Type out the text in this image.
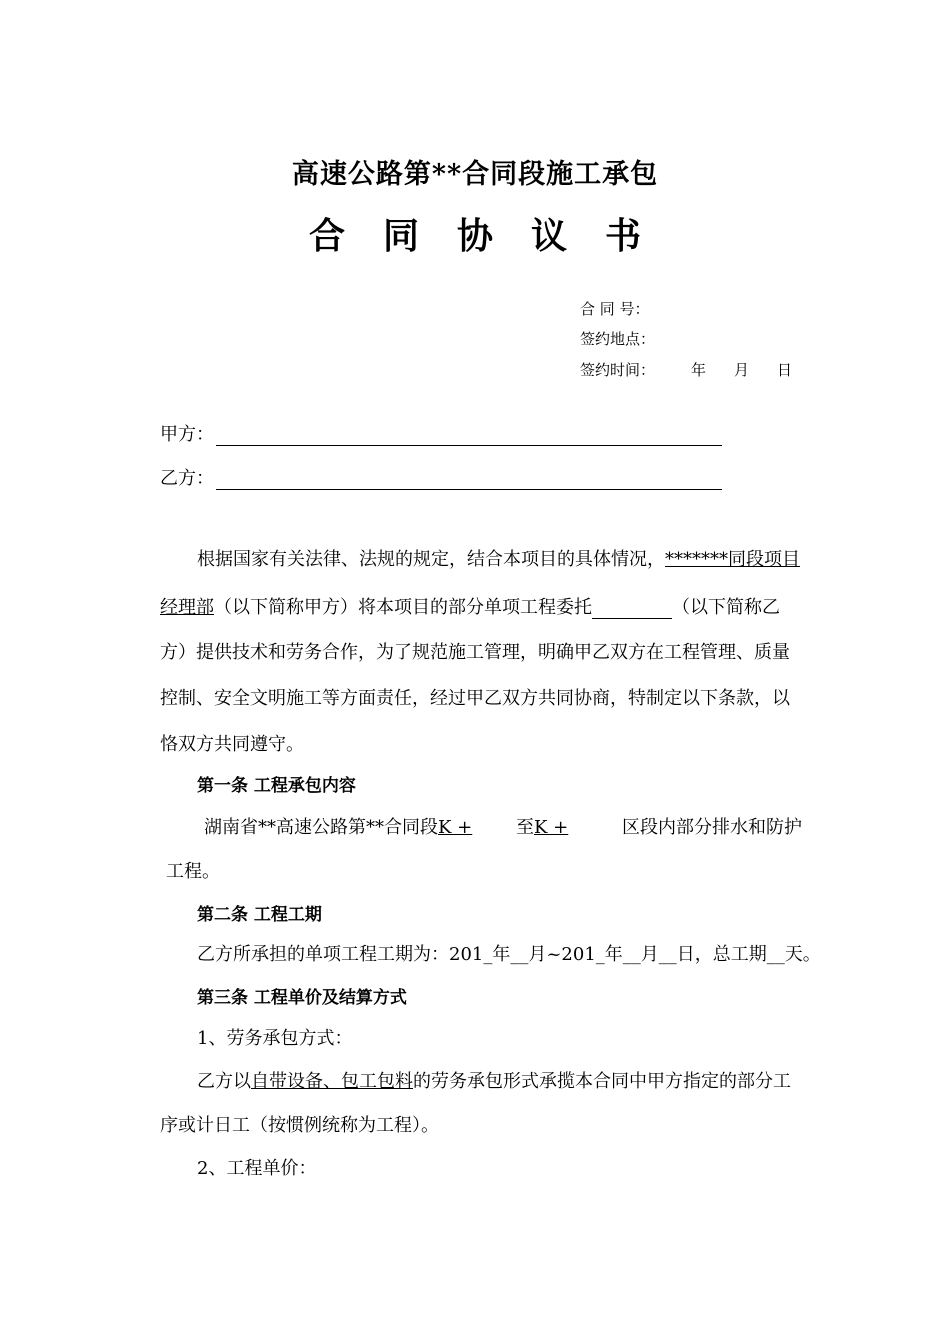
高速公路第**合同段施工承包
合同协议书
合 同 号：
签约地点：
签约时间： 年 月 日
甲方：
乙方：
根据国家有关法律、法规的规定，结合本项目的具体情况，*******同段项目
经理部（以下简称甲方）将本项目的部分单项工程委托	（以下简称乙
方）提供技术和劳务合作，为了规范施工管理，明确甲乙双方在工程管理、质量
控制、安全文明施工等方面责任，经过甲乙双方共同协商，特制定以下条款，以
恪双方共同遵守。
第一条 工程承包内容
湖南省**高速公路第**合同段K + 至K +	区段内部分排水和防护
工程。
第二条 工程工期
乙方所承担的单项工程工期为：201_年__月~201_年__月__日，总工期__天。
第三条 工程单价及结算方式
1、劳务承包方式：
乙方以自带设备、包工包料的劳务承包形式承揽本合同中甲方指定的部分工
序或计日工（按惯例统称为工程）。
2、工程单价：
